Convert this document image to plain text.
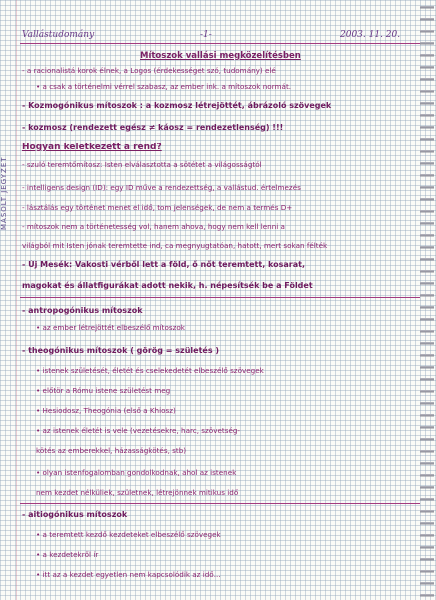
MÁSOLT JEGYZET
Vallástudomány	-1-	2003. 11. 20.
Mítoszok vallási megközelítésben
- a racionalistá korok élnek, a Logos (érdekességet szó, tudomány) elé
• a csak a történelmi vérrel szabasz, az ember ink. a mítoszok normát.
- Kozmogónikus mítoszok : a kozmosz létrejöttét, ábrázoló szövegek
- kozmosz (rendezett egész ≠ káosz = rendezetlenség) !!!
Hogyan keletkezett a rend?
- szuló teremtőmítosz: Isten elválasztotta a sötétet a világosságtól
- intelligens design (ID): egy ID műve a rendezettség, a vallástud. értelmezés
- lásztálás egy történet menet el idő, tom jelenségek, de nem a termés D+
- mítoszok nem a történetesség vol, hanem ahova, hogy nem kell lenni a
világból mit Isten jónak teremtette ind, ca megnyugtatóan, hatott, mert sokan félték
- Új Mesék: Vakosti vérből lett a föld, ő nőt teremtett, kosarat,
magokat és állatfigurákat adott nekik, h. népesítsék be a Földet
- antropogónikus mítoszok
• az ember létrejöttét elbeszélő mítoszok
- theogónikus mítoszok ( görög = születés )
• istenek születését, életét és cselekedetét elbeszélő szövegek
• előtör a Rómu istene születést meg
• Hesiodosz, Theogónia (első a Khiosz)
• az istenek életét is vele (vezetésekre, harc, szövetség-
kötés az emberekkel, házasságkötés, stb)
• olyan istenfogalomban gondolkodnak, ahol az istenek
nem kezdet nélküliek, születnek, létrejönnek mitikus idő
- aitiogónikus mítoszok
• a teremtett kezdő kezdeteket elbeszélő szövegek
• a kezdetekről ír
• itt az a kezdet egyetlen nem kapcsolódik az idő...
